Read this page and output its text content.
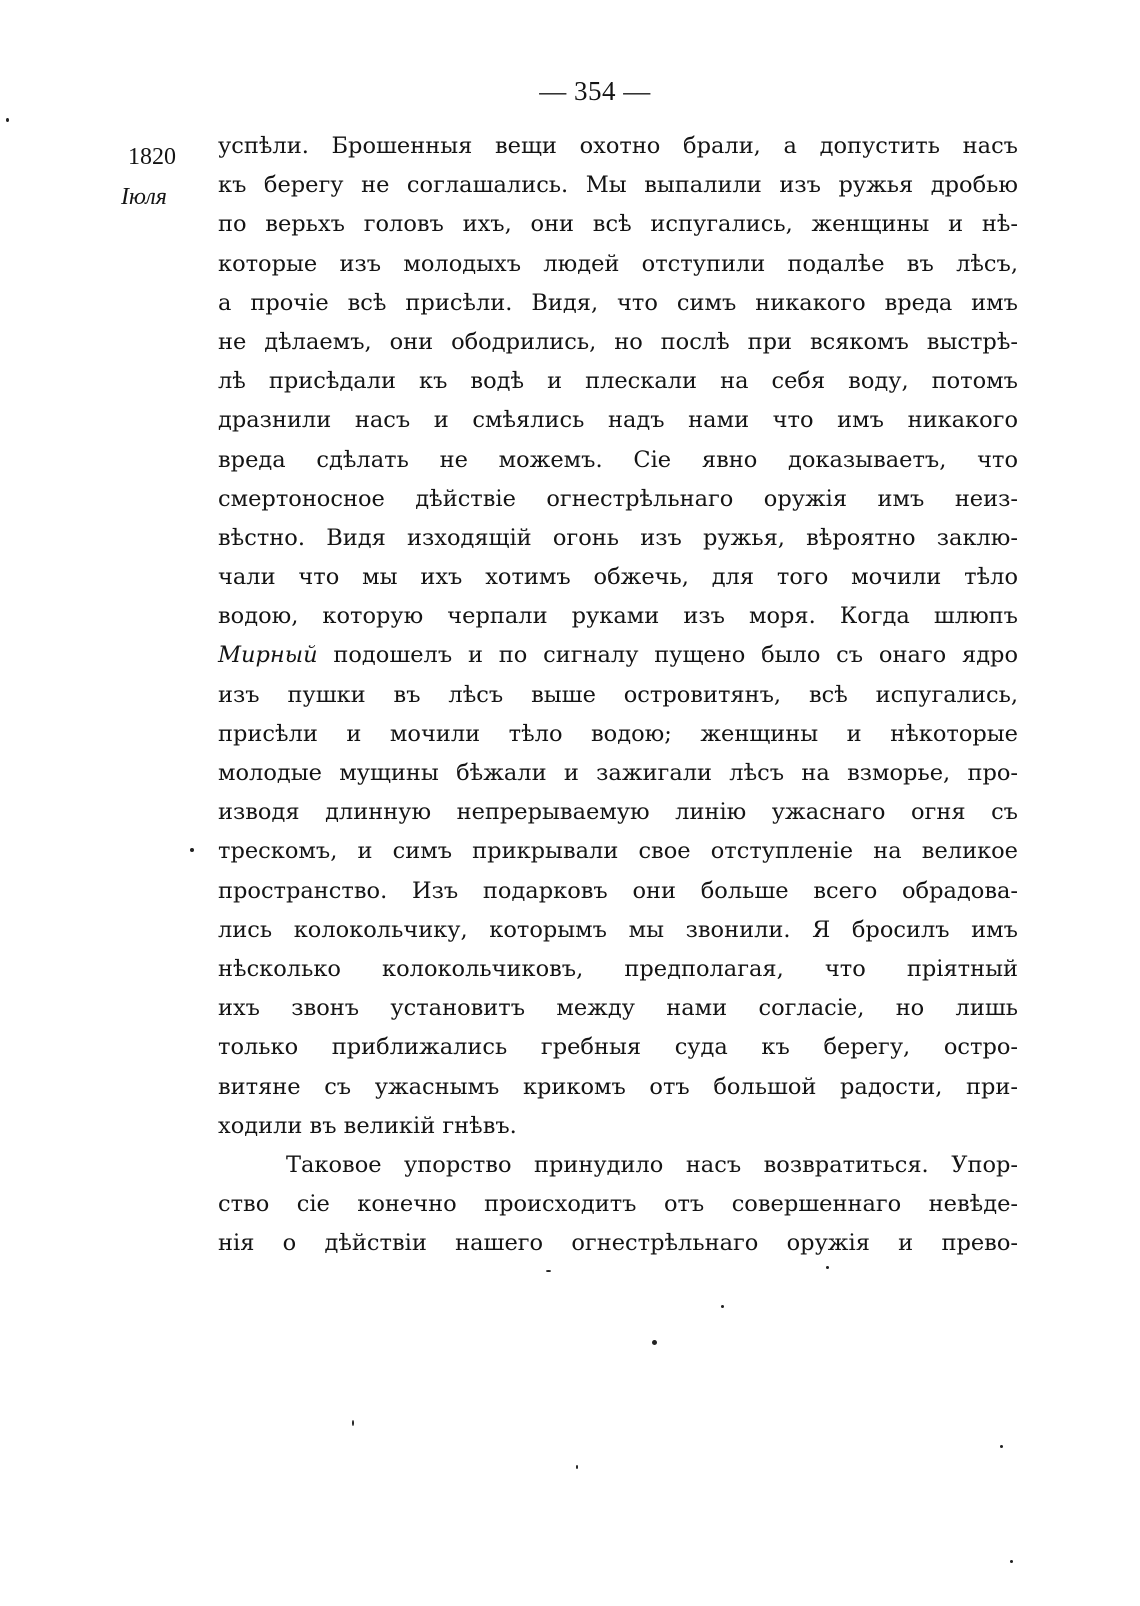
— 354 —
1820
Іюля
успѣли. Брошенныя вещи охотно брали, а допустить насъ
къ берегу не соглашались. Мы выпалили изъ ружья дробью
по верьхъ головъ ихъ, они всѣ испугались, женщины и нѣ-
которые изъ молодыхъ людей отступили подалѣе въ лѣсъ,
а прочіе всѣ присѣли. Видя, что симъ никакого вреда имъ
не дѣлаемъ, они ободрились, но послѣ при всякомъ выстрѣ-
лѣ присѣдали къ водѣ и плескали на себя воду, потомъ
дразнили насъ и смѣялись надъ нами что имъ никакого
вреда сдѣлать не можемъ. Сіе явно доказываетъ, что
смертоносное дѣйствіе огнестрѣльнаго оружія имъ неиз-
вѣстно. Видя изходящій огонь изъ ружья, вѣроятно заклю-
чали что мы ихъ хотимъ обжечь, для того мочили тѣло
водою, которую черпали руками изъ моря. Когда шлюпъ
Мирный подошелъ и по сигналу пущено было съ онаго ядро
изъ пушки въ лѣсъ выше островитянъ, всѣ испугались,
присѣли и мочили тѣло водою; женщины и нѣкоторые
молодые мущины бѣжали и зажигали лѣсъ на взморье, про-
изводя длинную непрерываемую линію ужаснаго огня съ
трескомъ, и симъ прикрывали свое отступленіе на великое
пространство. Изъ подарковъ они больше всего обрадова-
лись колокольчику, которымъ мы звонили. Я бросилъ имъ
нѣсколько колокольчиковъ, предполагая, что пріятный
ихъ звонъ установитъ между нами согласіе, но лишь
только приближались гребныя суда къ берегу, остро-
витяне съ ужаснымъ крикомъ отъ большой радости, при-
ходили въ великій гнѣвъ.
Таковое упорство принудило насъ возвратиться. Упор-
ство сіе конечно происходитъ отъ совершеннаго невѣде-
нія о дѣйствіи нашего огнестрѣльнаго оружія и прево-
